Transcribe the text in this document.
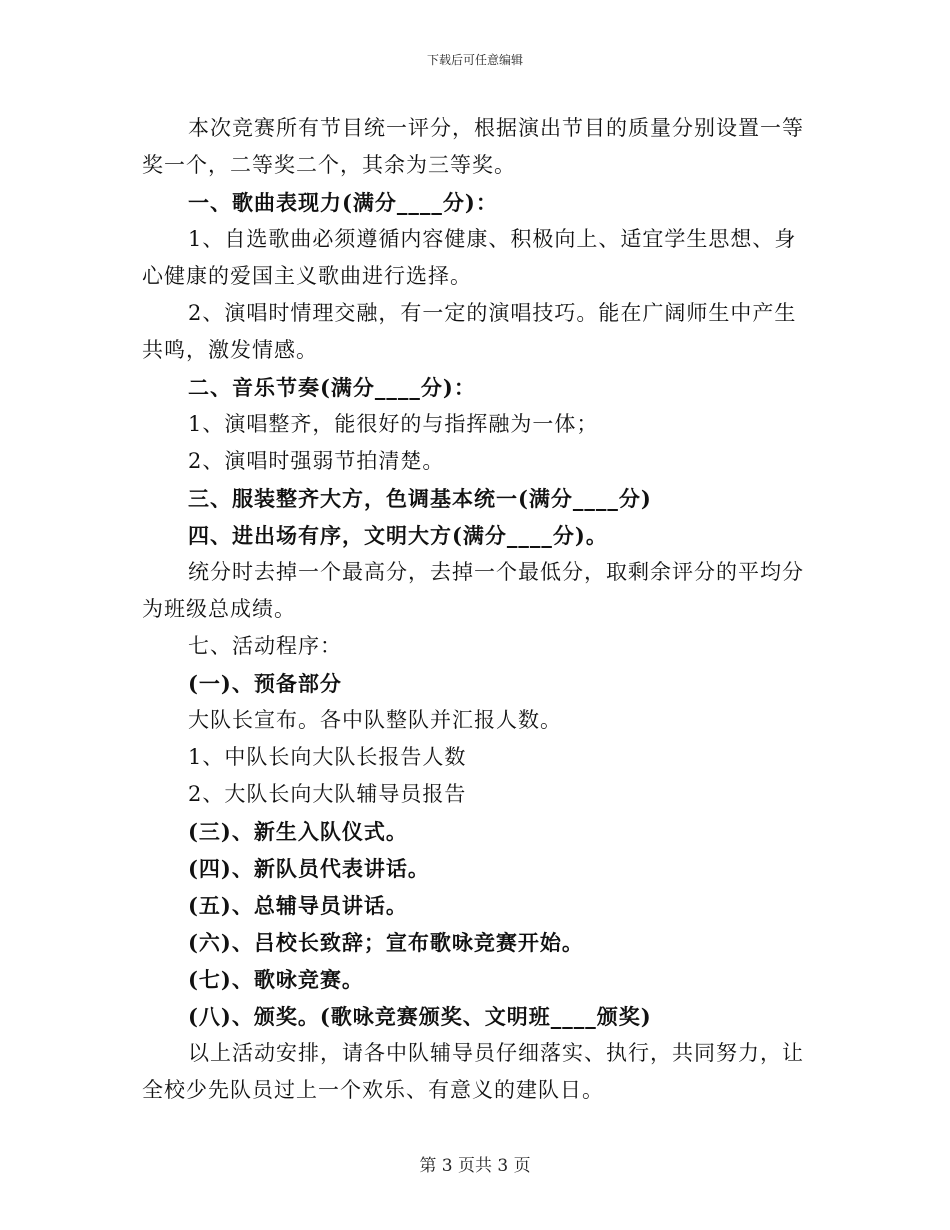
下载后可任意编辑

本次竞赛所有节目统一评分，根据演出节目的质量分别设置一等奖一个，二等奖二个，其余为三等奖。

一、歌曲表现力(满分____分)：

1、自选歌曲必须遵循内容健康、积极向上、适宜学生思想、身心健康的爱国主义歌曲进行选择。

2、演唱时情理交融，有一定的演唱技巧。能在广阔师生中产生共鸣，激发情感。

二、音乐节奏(满分____分)：

1、演唱整齐，能很好的与指挥融为一体；

2、演唱时强弱节拍清楚。

三、服装整齐大方，色调基本统一(满分____分)

四、进出场有序，文明大方(满分____分)。

统分时去掉一个最高分，去掉一个最低分，取剩余评分的平均分为班级总成绩。

七、活动程序：

(一)、预备部分

大队长宣布。各中队整队并汇报人数。

1、中队长向大队长报告人数

2、大队长向大队辅导员报告

(三)、新生入队仪式。

(四)、新队员代表讲话。

(五)、总辅导员讲话。

(六)、吕校长致辞；宣布歌咏竞赛开始。

(七)、歌咏竞赛。

(八)、颁奖。(歌咏竞赛颁奖、文明班____颁奖)

以上活动安排，请各中队辅导员仔细落实、执行，共同努力，让全校少先队员过上一个欢乐、有意义的建队日。

第 3 页共 3 页
